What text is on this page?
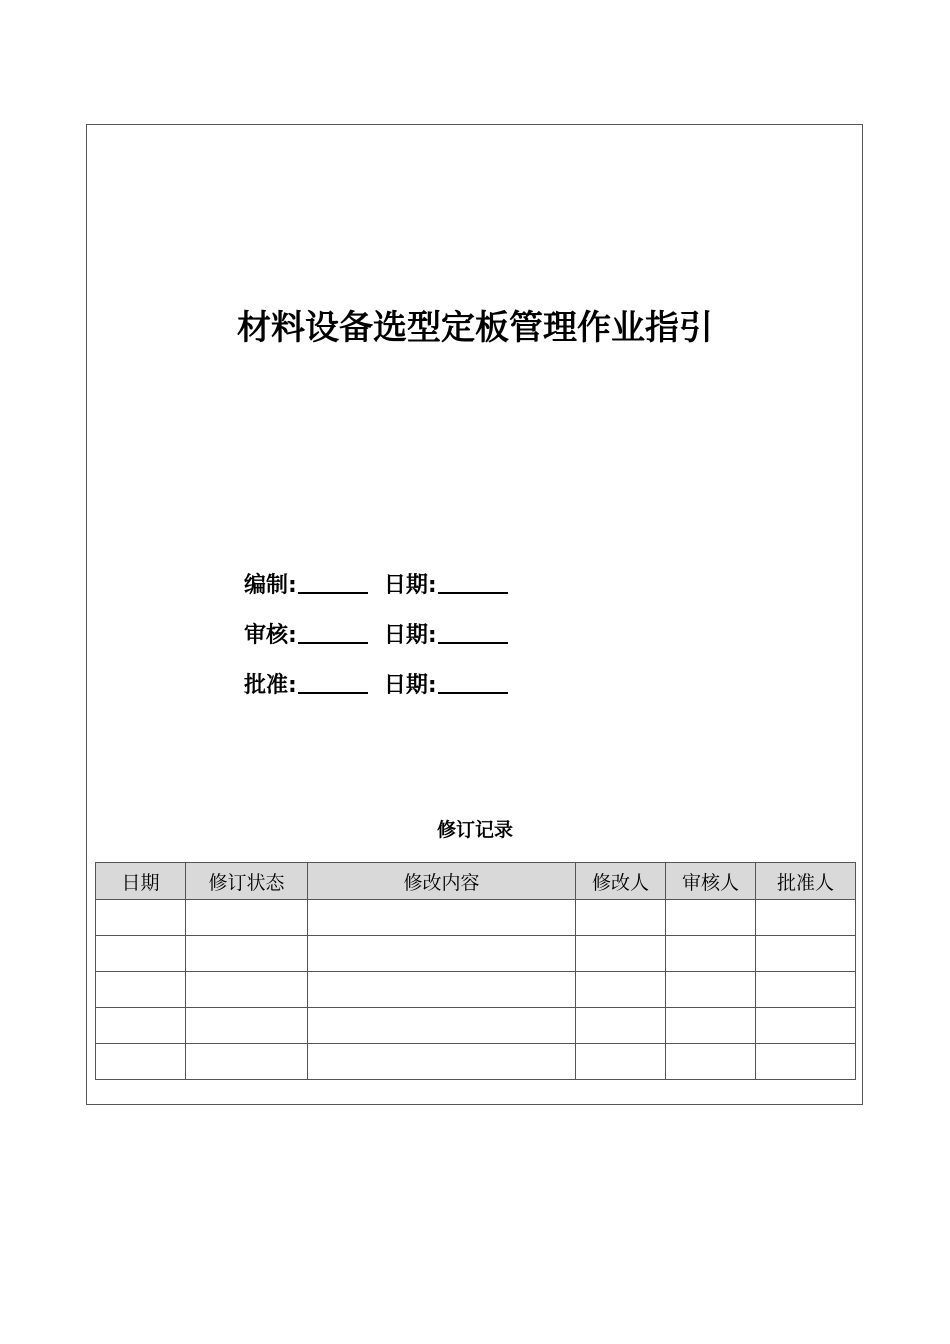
材料设备选型定板管理作业指引
编制:	日期:
审核:	日期:
批准:	日期:
修订记录
日期	修订状态	修改内容	修改人	审核人	批准人
